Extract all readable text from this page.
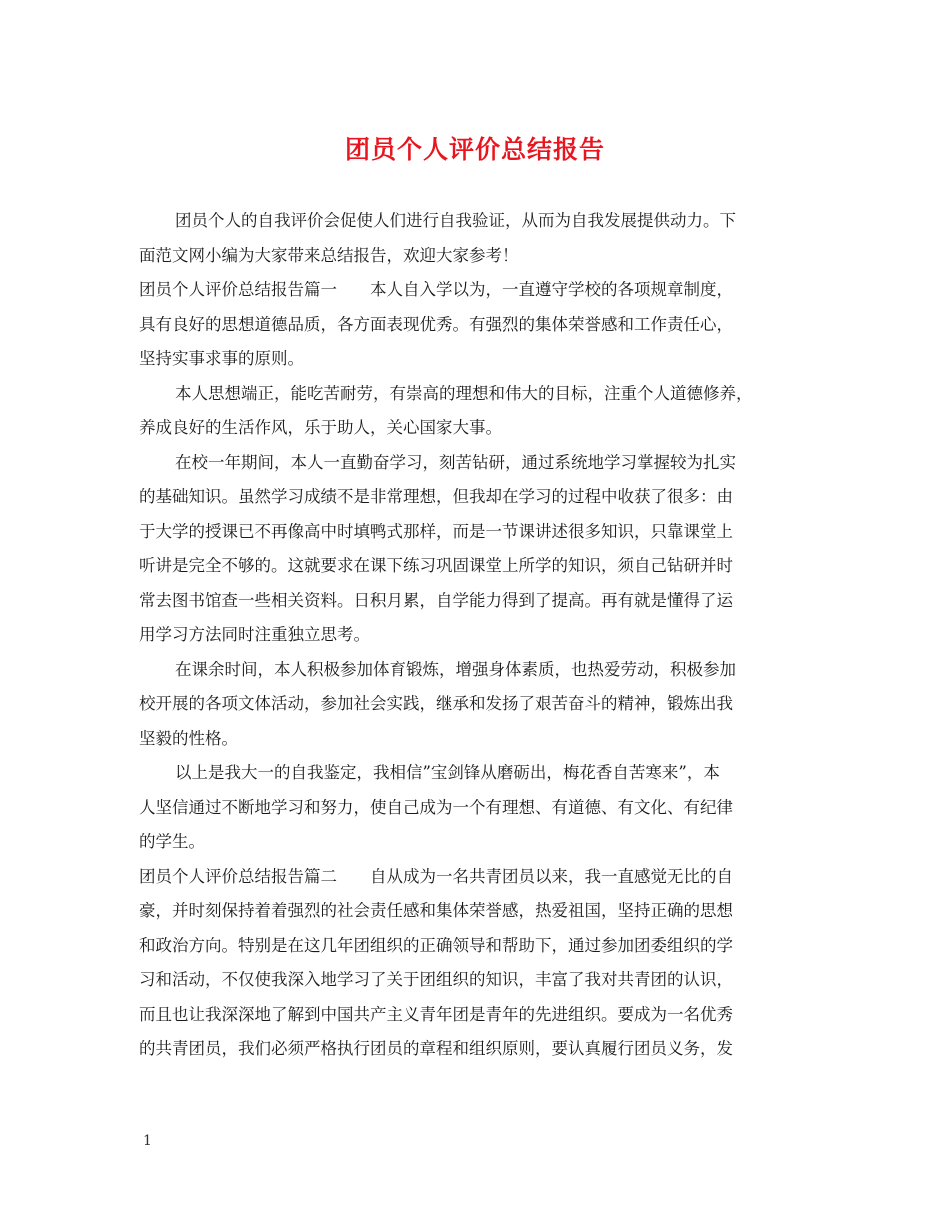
团员个人评价总结报告
团员个人的自我评价会促使人们进行自我验证，从而为自我发展提供动力。下
面范文网小编为大家带来总结报告，欢迎大家参考！
团员个人评价总结报告篇一　　本人自入学以为，一直遵守学校的各项规章制度，
具有良好的思想道德品质，各方面表现优秀。有强烈的集体荣誉感和工作责任心，
坚持实事求事的原则。
本人思想端正，能吃苦耐劳，有崇高的理想和伟大的目标，注重个人道德修养，
养成良好的生活作风，乐于助人，关心国家大事。
在校一年期间，本人一直勤奋学习，刻苦钻研，通过系统地学习掌握较为扎实
的基础知识。虽然学习成绩不是非常理想，但我却在学习的过程中收获了很多：由
于大学的授课已不再像高中时填鸭式那样，而是一节课讲述很多知识，只靠课堂上
听讲是完全不够的。这就要求在课下练习巩固课堂上所学的知识，须自己钻研并时
常去图书馆查一些相关资料。日积月累，自学能力得到了提高。再有就是懂得了运
用学习方法同时注重独立思考。
在课余时间，本人积极参加体育锻炼，增强身体素质，也热爱劳动，积极参加
校开展的各项文体活动，参加社会实践，继承和发扬了艰苦奋斗的精神，锻炼出我
坚毅的性格。
以上是我大一的自我鉴定，我相信”宝剑锋从磨砺出，梅花香自苦寒来”，本
人坚信通过不断地学习和努力，使自己成为一个有理想、有道德、有文化、有纪律
的学生。
团员个人评价总结报告篇二　　自从成为一名共青团员以来，我一直感觉无比的自
豪，并时刻保持着着强烈的社会责任感和集体荣誉感，热爱祖国，坚持正确的思想
和政治方向。特别是在这几年团组织的正确领导和帮助下，通过参加团委组织的学
习和活动，不仅使我深入地学习了关于团组织的知识，丰富了我对共青团的认识，
而且也让我深深地了解到中国共产主义青年团是青年的先进组织。要成为一名优秀
的共青团员，我们必须严格执行团员的章程和组织原则，要认真履行团员义务，发
1
